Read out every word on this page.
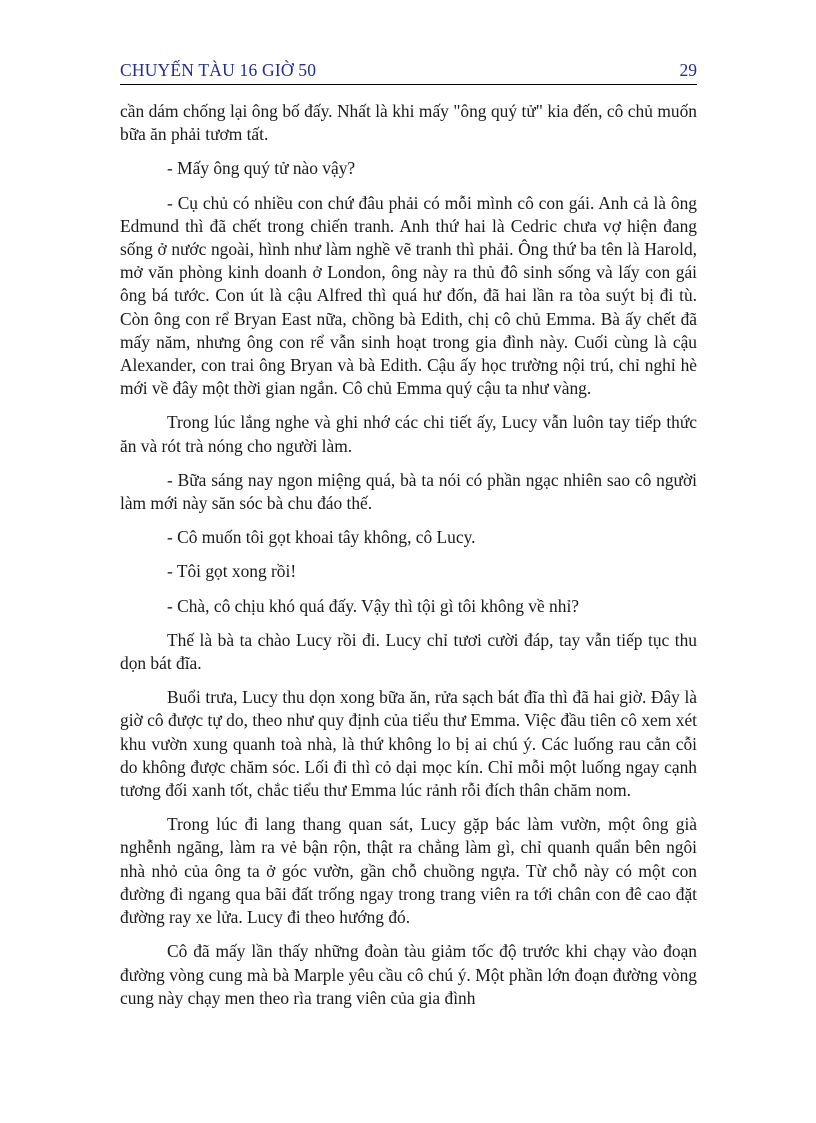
CHUYẾN TÀU 16 GIỜ 50	29

cần dám chống lại ông bố đấy. Nhất là khi mấy "ông quý tử" kia đến, cô chủ muốn bữa ăn phải tươm tất.

- Mấy ông quý tử nào vậy?

- Cụ chủ có nhiều con chứ đâu phải có mỗi mình cô con gái. Anh cả là ông Edmund thì đã chết trong chiến tranh. Anh thứ hai là Cedric chưa vợ hiện đang sống ở nước ngoài, hình như làm nghề vẽ tranh thì phải. Ông thứ ba tên là Harold, mở văn phòng kinh doanh ở London, ông này ra thủ đô sinh sống và lấy con gái ông bá tước. Con út là cậu Alfred thì quá hư đốn, đã hai lần ra tòa suýt bị đi tù. Còn ông con rể Bryan East nữa, chồng bà Edith, chị cô chủ Emma. Bà ấy chết đã mấy năm, nhưng ông con rể vẫn sinh hoạt trong gia đình này. Cuối cùng là cậu Alexander, con trai ông Bryan và bà Edith. Cậu ấy học trường nội trú, chỉ nghỉ hè mới về đây một thời gian ngắn. Cô chủ Emma quý cậu ta như vàng.

Trong lúc lắng nghe và ghi nhớ các chi tiết ấy, Lucy vẫn luôn tay tiếp thức ăn và rót trà nóng cho người làm.

- Bữa sáng nay ngon miệng quá, bà ta nói có phần ngạc nhiên sao cô người làm mới này săn sóc bà chu đáo thế.

- Cô muốn tôi gọt khoai tây không, cô Lucy.

- Tôi gọt xong rồi!

- Chà, cô chịu khó quá đấy. Vậy thì tội gì tôi không về nhỉ?

Thế là bà ta chào Lucy rồi đi. Lucy chỉ tươi cười đáp, tay vẫn tiếp tục thu dọn bát đĩa.

Buổi trưa, Lucy thu dọn xong bữa ăn, rửa sạch bát đĩa thì đã hai giờ. Đây là giờ cô được tự do, theo như quy định của tiểu thư Emma. Việc đầu tiên cô xem xét khu vườn xung quanh toà nhà, là thứ không lo bị ai chú ý. Các luống rau cằn cỗi do không được chăm sóc. Lối đi thì cỏ dại mọc kín. Chỉ mỗi một luống ngay cạnh tương đối xanh tốt, chắc tiểu thư Emma lúc rảnh rỗi đích thân chăm nom.

Trong lúc đi lang thang quan sát, Lucy gặp bác làm vườn, một ông già nghễnh ngãng, làm ra vẻ bận rộn, thật ra chẳng làm gì, chỉ quanh quẩn bên ngôi nhà nhỏ của ông ta ở góc vườn, gần chỗ chuồng ngựa. Từ chỗ này có một con đường đi ngang qua bãi đất trống ngay trong trang viên ra tới chân con đê cao đặt đường ray xe lửa. Lucy đi theo hướng đó.

Cô đã mấy lần thấy những đoàn tàu giảm tốc độ trước khi chạy vào đoạn đường vòng cung mà bà Marple yêu cầu cô chú ý. Một phần lớn đoạn đường vòng cung này chạy men theo rìa trang viên của gia đình
